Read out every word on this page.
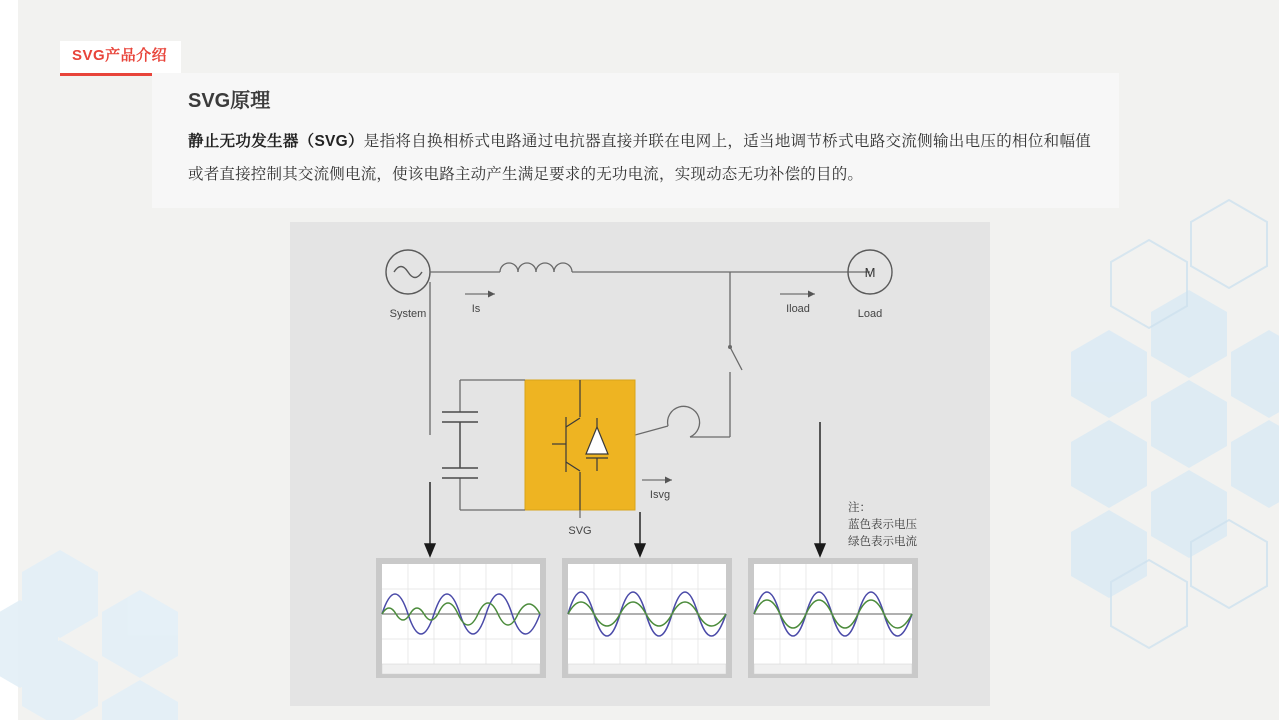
SVG产品介绍
SVG原理

静止无功发生器（SVG）是指将自换相桥式电路通过电抗器直接并联在电网上，适当地调节桥式电路交流侧输出电压的相位和幅值或者直接控制其交流侧电流，使该电路主动产生满足要求的无功电流，实现动态无功补偿的目的。

M
System	Load
Is	Iload
SVG
Isvg
注：
蓝色表示电压
绿色表示电流
